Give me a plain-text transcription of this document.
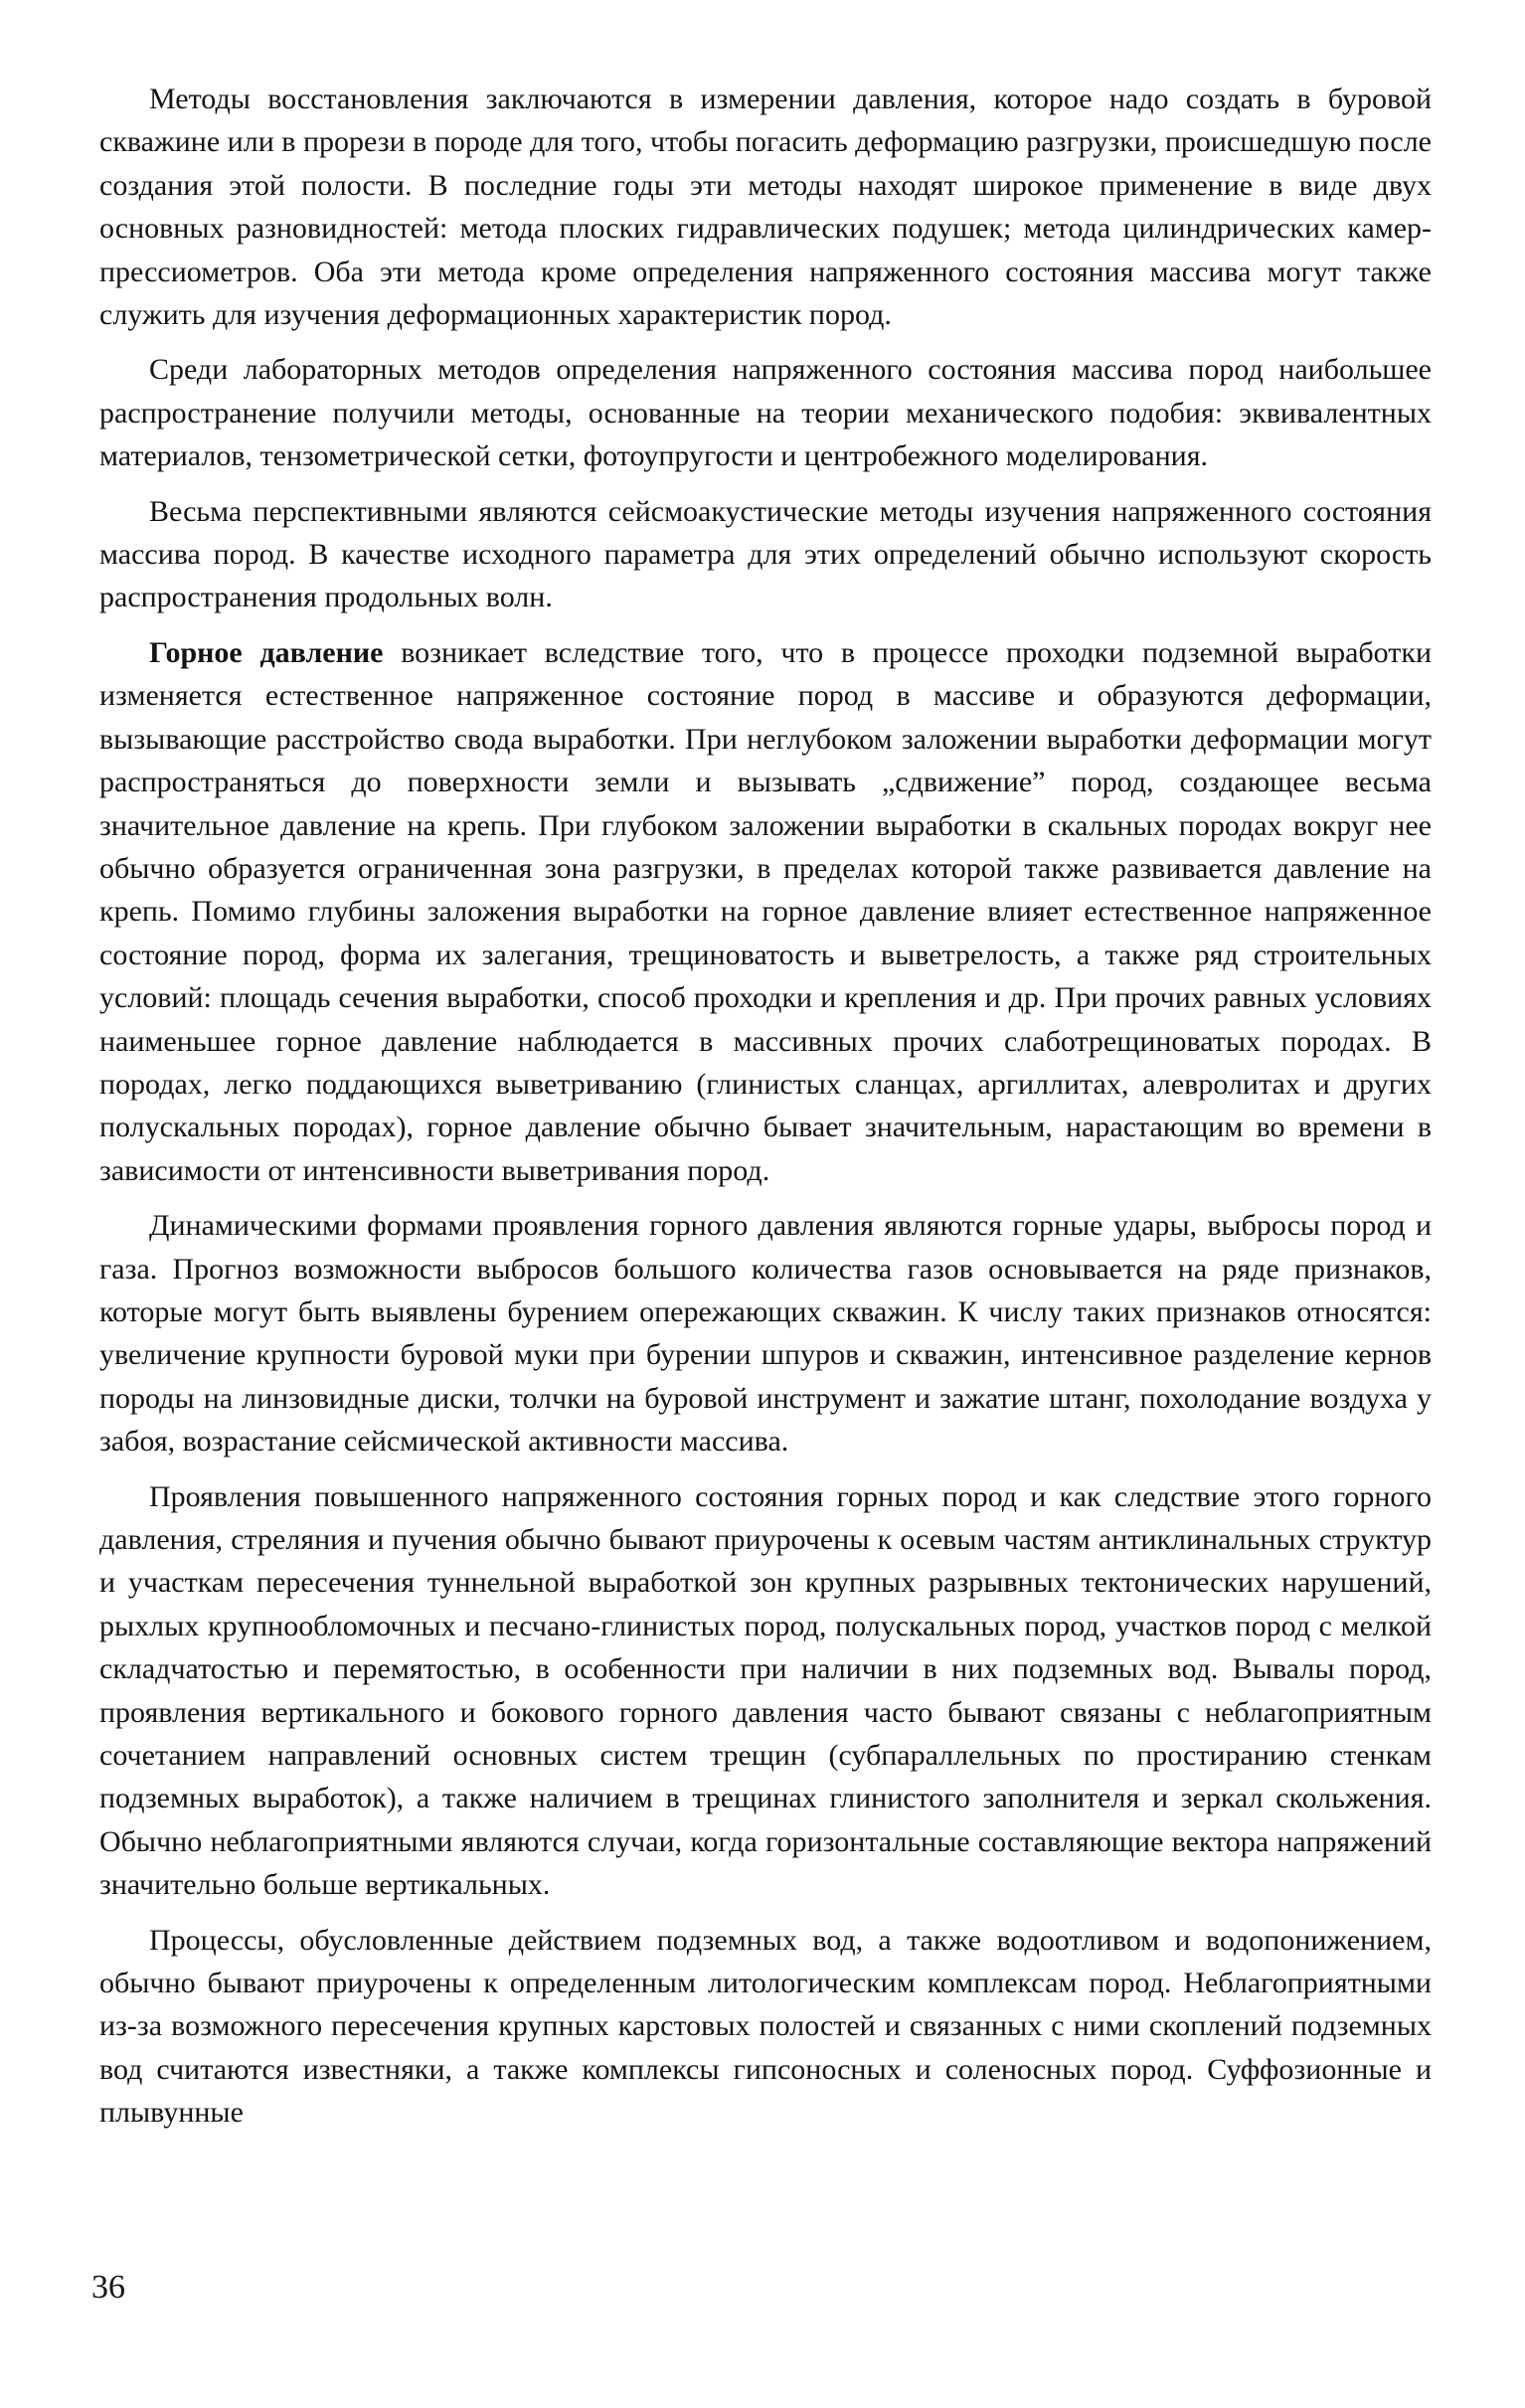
Методы восстановления заключаются в измерении давления, которое надо создать в буровой скважине или в прорези в породе для того, чтобы погасить деформацию разгрузки, происшедшую после создания этой полости. В последние годы эти методы находят широкое применение в виде двух основных разновидностей: метода плоских гидравлических подушек; метода цилиндрических камер-прессиометров. Оба эти метода кроме определения напряженного состояния массива могут также служить для изучения деформационных характеристик пород.

Среди лабораторных методов определения напряженного состояния массива пород наибольшее распространение получили методы, основанные на теории механического подобия: эквивалентных материалов, тензометрической сетки, фотоупругости и центробежного моделирования.

Весьма перспективными являются сейсмоакустические методы изучения напряженного состояния массива пород. В качестве исходного параметра для этих определений обычно используют скорость распространения продольных волн.

Горное давление возникает вследствие того, что в процессе проходки подземной выработки изменяется естественное напряженное состояние пород в массиве и образуются деформации, вызывающие расстройство свода выработки. При неглубоком заложении выработки деформации могут распространяться до поверхности земли и вызывать „сдвижение” пород, создающее весьма значительное давление на крепь. При глубоком заложении выработки в скальных породах вокруг нее обычно образуется ограниченная зона разгрузки, в пределах которой также развивается давление на крепь. Помимо глубины заложения выработки на горное давление влияет естественное напряженное состояние пород, форма их залегания, трещиноватость и выветрелость, а также ряд строительных условий: площадь сечения выработки, способ проходки и крепления и др. При прочих равных условиях наименьшее горное давление наблюдается в массивных прочих слаботрещиноватых породах. В породах, легко поддающихся выветриванию (глинистых сланцах, аргиллитах, алевролитах и других полускальных породах), горное давление обычно бывает значительным, нарастающим во времени в зависимости от интенсивности выветривания пород.

Динамическими формами проявления горного давления являются горные удары, выбросы пород и газа. Прогноз возможности выбросов большого количества газов основывается на ряде признаков, которые могут быть выявлены бурением опережающих скважин. К числу таких признаков относятся: увеличение крупности буровой муки при бурении шпуров и скважин, интенсивное разделение кернов породы на линзовидные диски, толчки на буровой инструмент и зажатие штанг, похолодание воздуха у забоя, возрастание сейсмической активности массива.

Проявления повышенного напряженного состояния горных пород и как следствие этого горного давления, стреляния и пучения обычно бывают приурочены к осевым частям антиклинальных структур и участкам пересечения туннельной выработкой зон крупных разрывных тектонических нарушений, рыхлых крупнообломочных и песчано-глинистых пород, полускальных пород, участков пород с мелкой складчатостью и перемятостью, в особенности при наличии в них подземных вод. Вывалы пород, проявления вертикального и бокового горного давления часто бывают связаны с неблагоприятным сочетанием направлений основных систем трещин (субпараллельных по простиранию стенкам подземных выработок), а также наличием в трещинах глинистого заполнителя и зеркал скольжения. Обычно неблагоприятными являются случаи, когда горизонтальные составляющие вектора напряжений значительно больше вертикальных.

Процессы, обусловленные действием подземных вод, а также водоотливом и водопонижением, обычно бывают приурочены к определенным литологическим комплексам пород. Неблагоприятными из-за возможного пересечения крупных карстовых полостей и связанных с ними скоплений подземных вод считаются известняки, а также комплексы гипсоносных и соленосных пород. Суффозионные и плывунные

36
